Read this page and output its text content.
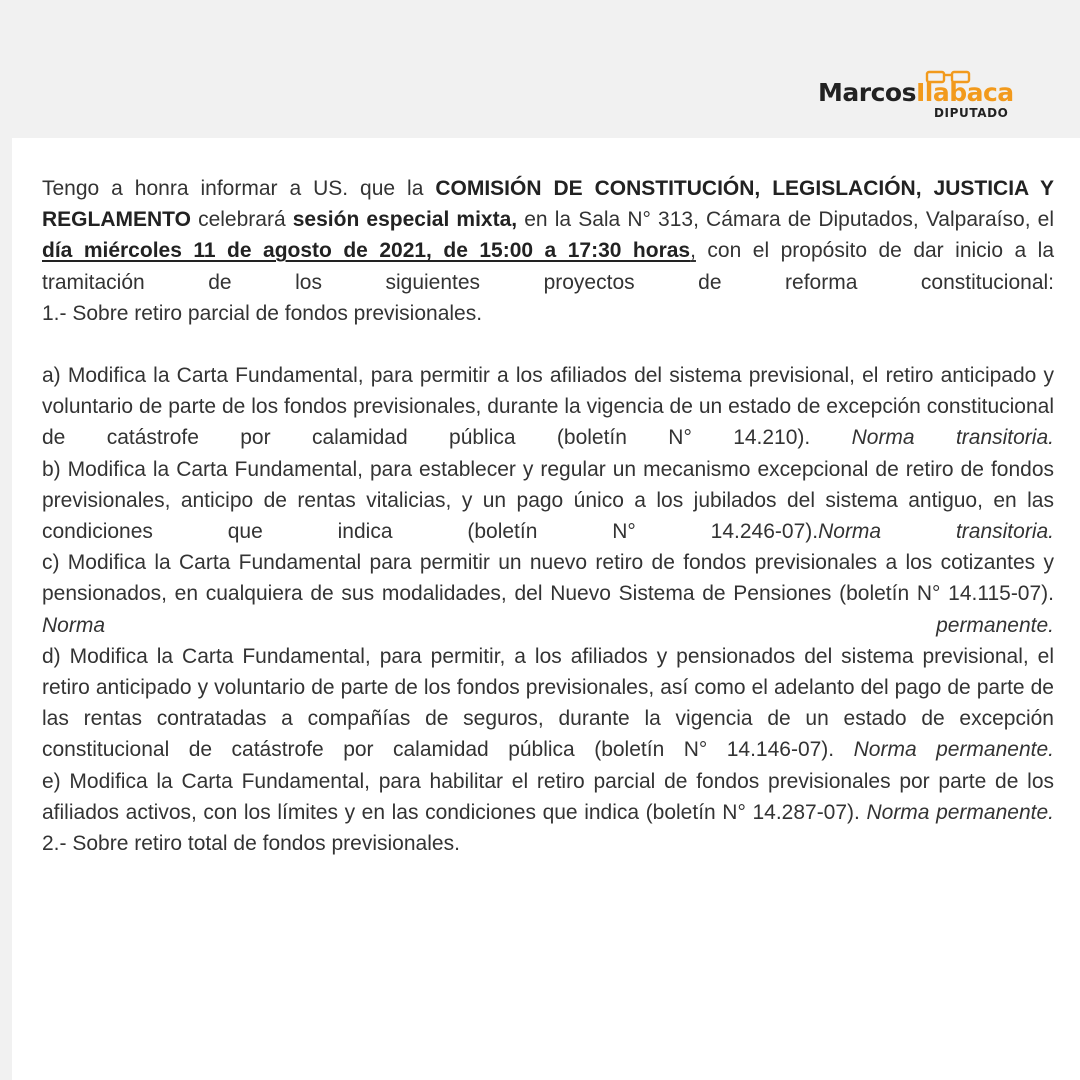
MarcosIlabaca
DIPUTADO

Tengo a honra informar a US. que la COMISIÓN DE CONSTITUCIÓN, LEGISLACIÓN, JUSTICIA Y REGLAMENTO celebrará sesión especial mixta, en la Sala N° 313, Cámara de Diputados, Valparaíso, el día miércoles 11 de agosto de 2021, de 15:00 a 17:30 horas, con el propósito de dar inicio a la tramitación de los siguientes proyectos de reforma constitucional:

1.- Sobre retiro parcial de fondos previsionales.

a) Modifica la Carta Fundamental, para permitir a los afiliados del sistema previsional, el retiro anticipado y voluntario de parte de los fondos previsionales, durante la vigencia de un estado de excepción constitucional de catástrofe por calamidad pública (boletín N° 14.210). Norma transitoria.

b) Modifica la Carta Fundamental, para establecer y regular un mecanismo excepcional de retiro de fondos previsionales, anticipo de rentas vitalicias, y un pago único a los jubilados del sistema antiguo, en las condiciones que indica (boletín N° 14.246-07).Norma transitoria.

c) Modifica la Carta Fundamental para permitir un nuevo retiro de fondos previsionales a los cotizantes y pensionados, en cualquiera de sus modalidades, del Nuevo Sistema de Pensiones (boletín N° 14.115-07). Norma permanente.

d) Modifica la Carta Fundamental, para permitir, a los afiliados y pensionados del sistema previsional, el retiro anticipado y voluntario de parte de los fondos previsionales, así como el adelanto del pago de parte de las rentas contratadas a compañías de seguros, durante la vigencia de un estado de excepción constitucional de catástrofe por calamidad pública (boletín N° 14.146-07). Norma permanente.

e) Modifica la Carta Fundamental, para habilitar el retiro parcial de fondos previsionales por parte de los afiliados activos, con los límites y en las condiciones que indica (boletín N° 14.287-07). Norma permanente.

2.- Sobre retiro total de fondos previsionales.
